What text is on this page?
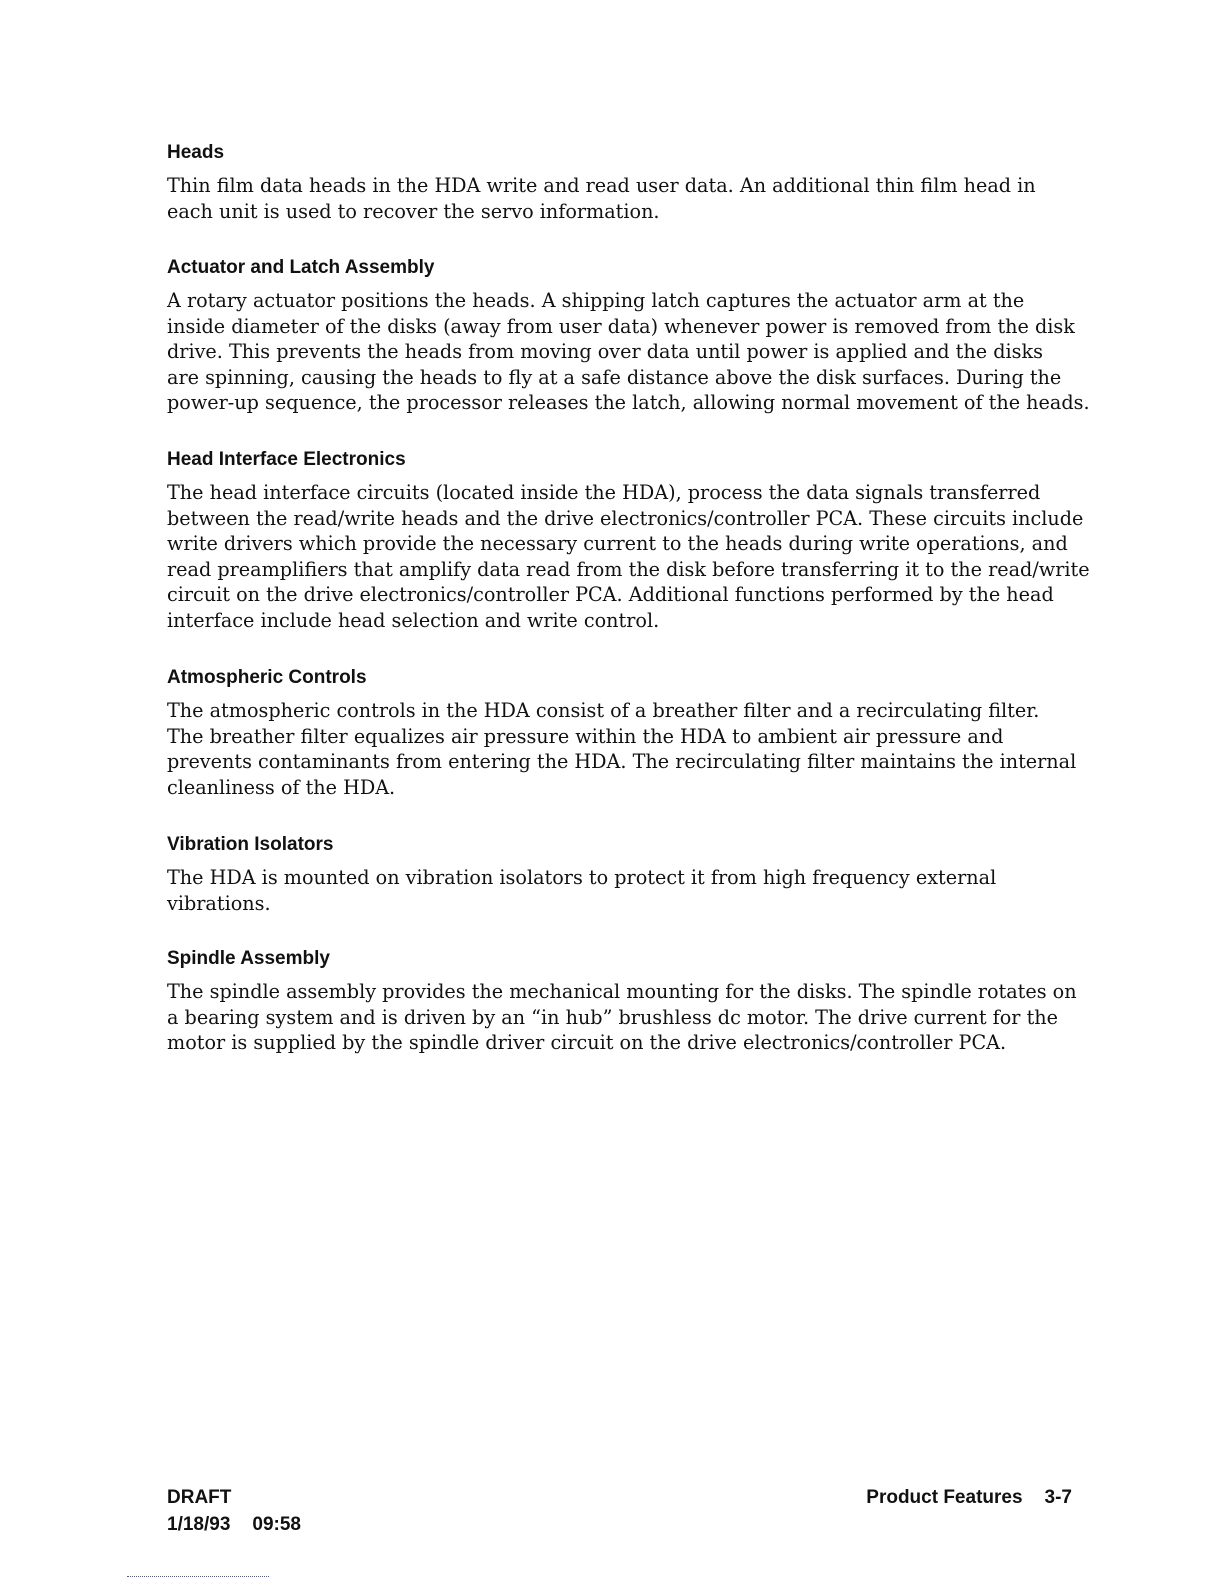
Heads

Thin film data heads in the HDA write and read user data. An additional thin film head in
each unit is used to recover the servo information.

Actuator and Latch Assembly

A rotary actuator positions the heads. A shipping latch captures the actuator arm at the
inside diameter of the disks (away from user data) whenever power is removed from the disk
drive. This prevents the heads from moving over data until power is applied and the disks
are spinning, causing the heads to fly at a safe distance above the disk surfaces. During the
power-up sequence, the processor releases the latch, allowing normal movement of the heads.

Head Interface Electronics

The head interface circuits (located inside the HDA), process the data signals transferred
between the read/write heads and the drive electronics/controller PCA. These circuits include
write drivers which provide the necessary current to the heads during write operations, and
read preamplifiers that amplify data read from the disk before transferring it to the read/write
circuit on the drive electronics/controller PCA. Additional functions performed by the head
interface include head selection and write control.

Atmospheric Controls

The atmospheric controls in the HDA consist of a breather filter and a recirculating filter.
The breather filter equalizes air pressure within the HDA to ambient air pressure and
prevents contaminants from entering the HDA. The recirculating filter maintains the internal
cleanliness of the HDA.

Vibration Isolators

The HDA is mounted on vibration isolators to protect it from high frequency external
vibrations.

Spindle Assembly

The spindle assembly provides the mechanical mounting for the disks. The spindle rotates on
a bearing system and is driven by an “in hub” brushless dc motor. The drive current for the
motor is supplied by the spindle driver circuit on the drive electronics/controller PCA.

DRAFT
1/18/93 09:58
Product Features 3-7
